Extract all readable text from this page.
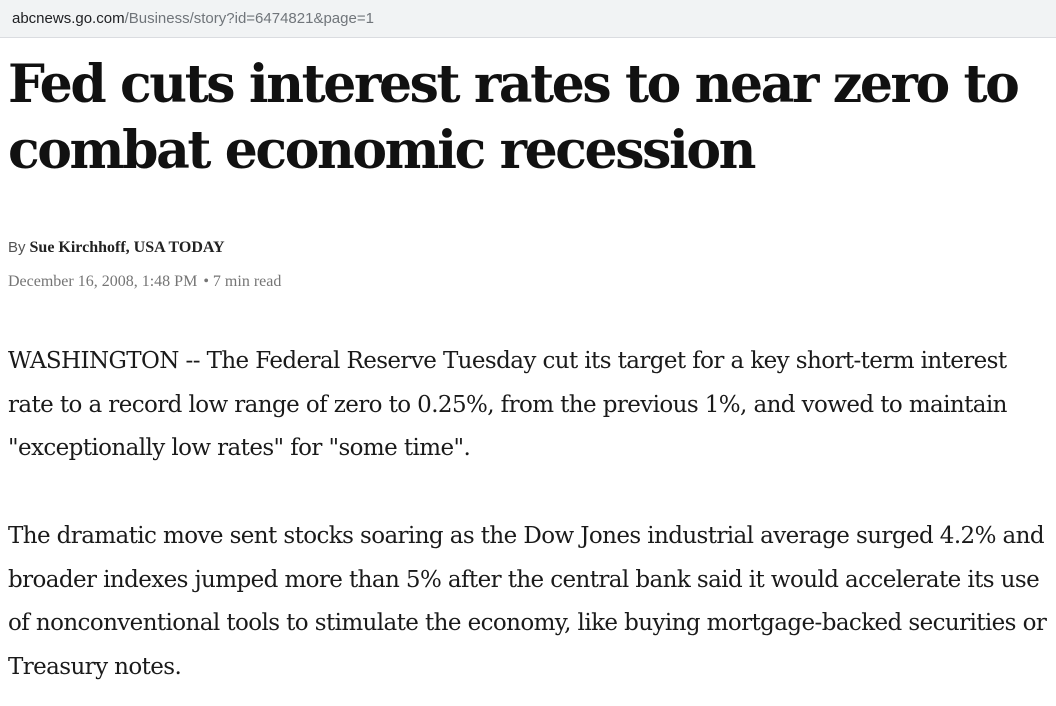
abcnews.go.com/Business/story?id=6474821&page=1
Fed cuts interest rates to near zero to combat economic recession
By Sue Kirchhoff, USA TODAY
December 16, 2008, 1:48 PM • 7 min read

WASHINGTON -- The Federal Reserve Tuesday cut its target for a key short-term interest rate to a record low range of zero to 0.25%, from the previous 1%, and vowed to maintain "exceptionally low rates" for "some time".

The dramatic move sent stocks soaring as the Dow Jones industrial average surged 4.2% and broader indexes jumped more than 5% after the central bank said it would accelerate its use of nonconventional tools to stimulate the economy, like buying mortgage-backed securities or Treasury notes.
